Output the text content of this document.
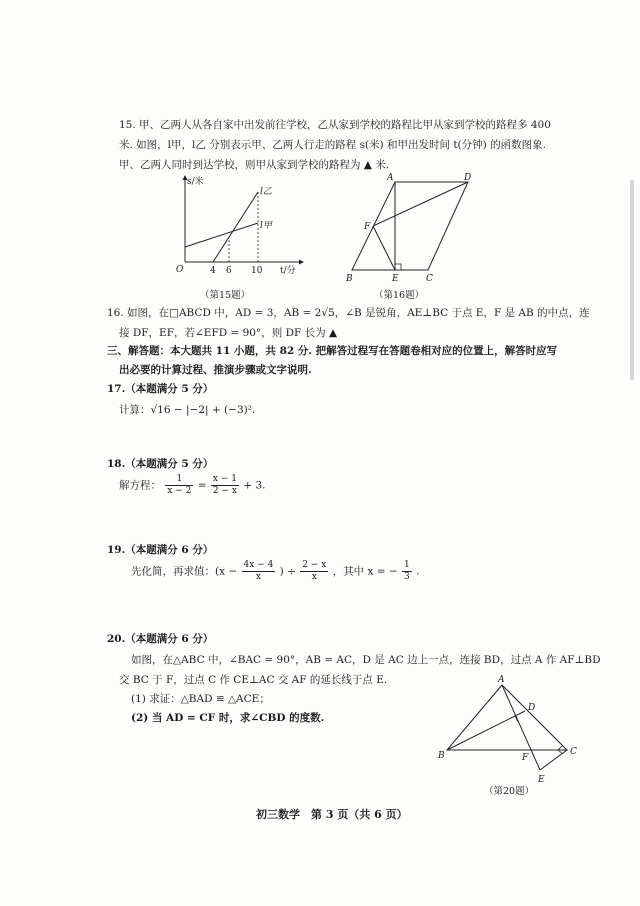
15. 甲、乙两人从各自家中出发前往学校，乙从家到学校的路程比甲从家到学校的路程多 400
米. 如图，l甲，l乙 分别表示甲、乙两人行走的路程 s(米) 和甲出发时间 t(分钟) 的函数图象.
甲、乙两人同时到达学校，则甲从家到学校的路程为 ▲ 米.
s/米
t/分
O	4 6 10
l乙
l甲
（第15题）
A	D
F
B	E	C
（第16题）
16. 如图，在□ABCD 中，AD = 3，AB = 2√5，∠B 是锐角，AE⊥BC 于点 E，F 是 AB 的中点，连
接 DF，EF，若∠EFD = 90°，则 DF 长为 ▲
三、解答题：本大题共 11 小题，共 82 分. 把解答过程写在答题卷相对应的位置上，解答时应写
出必要的计算过程、推演步骤或文字说明.
17.（本题满分 5 分）
计算：√16 − |−2| + (−3)².
18.（本题满分 5 分）
解方程： $\frac{1}{x - 2} = \frac{x - 1}{2 - x} + 3$.
19.（本题满分 6 分）
先化简，再求值：($x - \frac{4x - 4}{x}$ ) ÷ $\frac{2 - x}{x}$ ，其中 x = − $\frac{1}{3}$ .
20.（本题满分 6 分）
如图，在△ABC 中，∠BAC = 90°，AB = AC，D 是 AC 边上一点，连接 BD，过点 A 作 AF⊥BD
交 BC 于 F，过点 C 作 CE⊥AC 交 AF 的延长线于点 E.
(1) 求证：△BAD ≌ △ACE；
(2) 当 AD = CF 时，求∠CBD 的度数.
A
D
B	F
C
E
（第20题）
初三数学　第 3 页（共 6 页）
